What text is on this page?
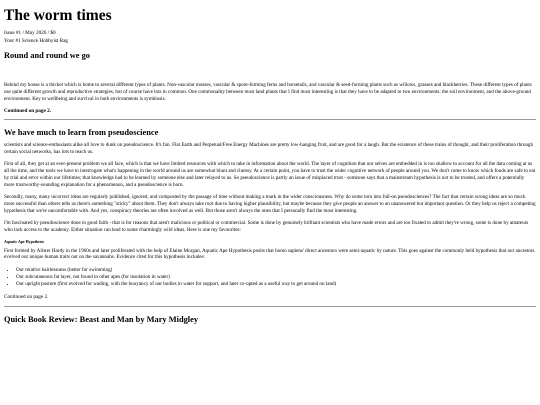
The worm times
Issue #1 / May 2026 / $0
Your #1 Science Hobbyist Rag
Round and round we go

Behind my house is a thicket which is home to several different types of plants. Non-vascular mosses, vascular & spore-forming ferns and horsetails, and vascular & seed-forming plants such as willows, grasses and blackberries. These different types of plants use quite different growth and reproductive strategies, but of course have lots in common. One commonality between most land plants that I find most interesting is that they have to be adapted to two environments: the soil environment, and the above-ground environment. Key to wellbeing and survival in both environments is symbiosis.

Continued on page 2.

We have much to learn from pseudoscience

scientists and science-enthusiasts alike all love to dunk on pseudoscience. It's fun. Flat Earth and Perpetual/Free Energy Machines are pretty low-hanging fruit, and are good for a laugh. But the existence of these trains of thought, and their proliferation through certain social networks, has lots to teach us.

First of all, they get at an ever-present problem we all face, which is that we have limited resources with which to take in information about the world. The layer of cognition that our selves are embedded in is too shallow to account for all the data coming at us all the time, and the tools we have to interrogate what's happening in the world around us are somewhat blunt and clumsy. At a certain point, you have to trust the wider cognitive network of people around you. We don't come to know which foods are safe to eat by trial and error within our lifetimes; that knowledge had to be learned by someone else and later relayed to us. So pseudoscience is partly an issue of misplaced trust - someone says that a mainstream hypothesis is not to be trusted, and offers a potentially more trustworthy-sounding explanation for a phenomenon, and a pseudoscience is born.

Secondly, many, many incorrect ideas are regularly published, ignored, and composted by the passage of time without making a mark in the wider consciousness. Why do some turn into full-on pseudosciences? The fact that certain wrong ideas are so much more successful than others tells us there's something "sticky" about them. They don't always take root due to having higher plausibility, but maybe because they give people an answer to an unanswered but important question. Or they help us reject a competing hypothesis that we're uncomfortable with. And yes, conspiracy theories are often involved as well. But those aren't always the ones that I personally find the most interesting.

I'm fascinated by pseudoscience done in good faith - that is for reasons that aren't malicious or political or commercial. Some is done by genuinely brilliant scientists who have made errors and are too fixated to admit they're wrong, some is done by amateurs who lack access to the academy. Either situation can lead to some charmingly wild ideas. Here is one my favourites:

Aquatic Ape Hypothesis

First formed by Alister Hardy in the 1960s and later proliferated with the help of Elaine Morgan, Aquatic Ape Hypothesis posits that homo sapiens' direct ancestors were semi-aquatic by nature. This goes against the commonly held hypothesis that our ancestors evolved our unique human traits out on the savannahs. Evidence cited for this hypothesis includes:

• Our relative hairlessness (better for swimming)
• Our subcutaneous fat layer, not found in other apes (for insulation in water)
• Our upright posture (first evolved for wading, with the buoyancy of our bodies in water for support, and later co-opted as a useful way to get around on land)

Continued on page 2.

Quick Book Review: Beast and Man by Mary Midgley
